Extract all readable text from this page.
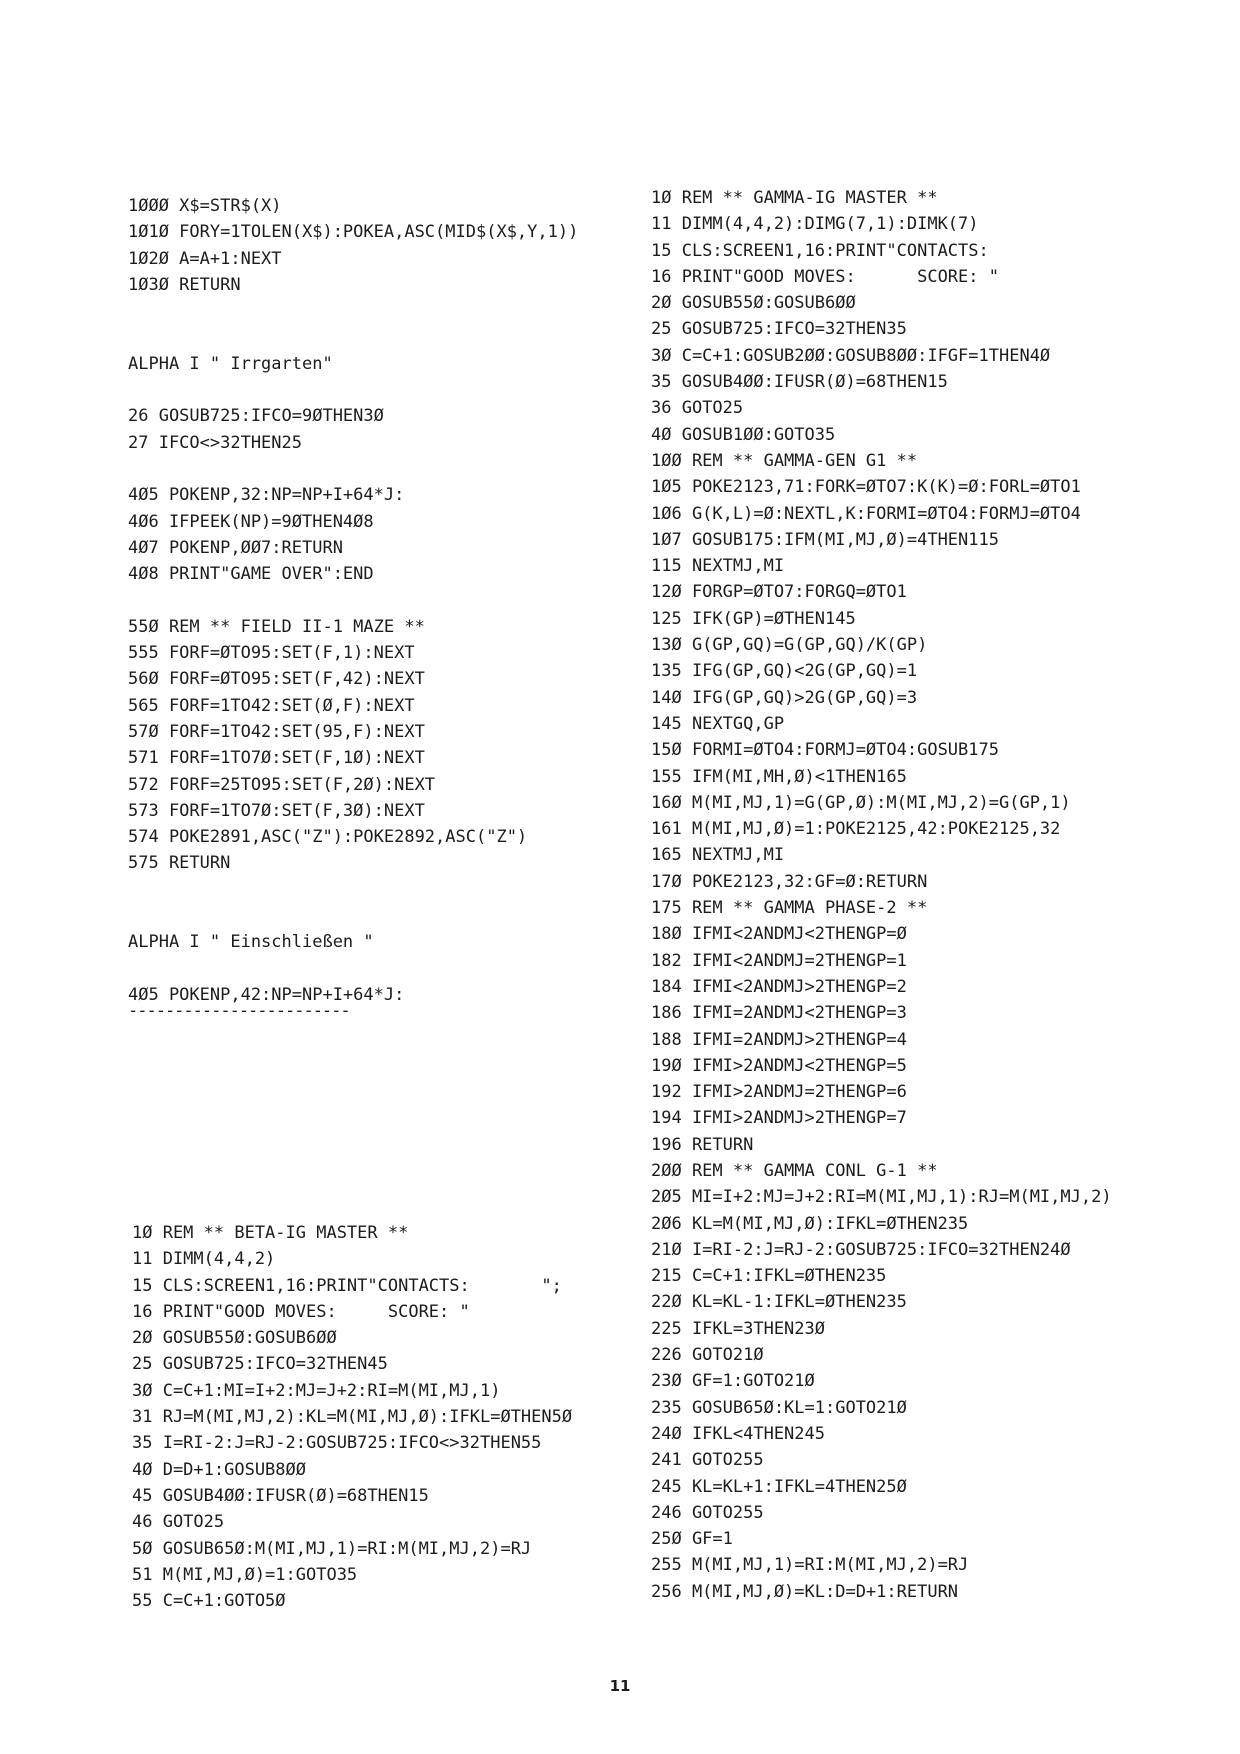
1ØØØ X$=STR$(X)
1Ø1Ø FORY=1TOLEN(X$):POKEA,ASC(MID$(X$,Y,1))
1Ø2Ø A=A+1:NEXT
1Ø3Ø RETURN
ALPHA I " Irrgarten"
26 GOSUB725:IFCO=9ØTHEN3Ø
27 IFCO<>32THEN25
4Ø5 POKENP,32:NP=NP+I+64*J:
4Ø6 IFPEEK(NP)=9ØTHEN4Ø8
4Ø7 POKENP,ØØ7:RETURN
4Ø8 PRINT"GAME OVER":END
55Ø REM ** FIELD II-1 MAZE **
555 FORF=ØTO95:SET(F,1):NEXT
56Ø FORF=ØTO95:SET(F,42):NEXT
565 FORF=1TO42:SET(Ø,F):NEXT
57Ø FORF=1TO42:SET(95,F):NEXT
571 FORF=1TO7Ø:SET(F,1Ø):NEXT
572 FORF=25TO95:SET(F,2Ø):NEXT
573 FORF=1TO7Ø:SET(F,3Ø):NEXT
574 POKE2891,ASC("Z"):POKE2892,ASC("Z")
575 RETURN
ALPHA I " Einschließen "
4Ø5 POKENP,42:NP=NP+I+64*J:
------------------------
1Ø REM ** BETA-IG MASTER **
11 DIMM(4,4,2)
15 CLS:SCREEN1,16:PRINT"CONTACTS:       ";
16 PRINT"GOOD MOVES:     SCORE: "
2Ø GOSUB55Ø:GOSUB6ØØ
25 GOSUB725:IFCO=32THEN45
3Ø C=C+1:MI=I+2:MJ=J+2:RI=M(MI,MJ,1)
31 RJ=M(MI,MJ,2):KL=M(MI,MJ,Ø):IFKL=ØTHEN5Ø
35 I=RI-2:J=RJ-2:GOSUB725:IFCO<>32THEN55
4Ø D=D+1:GOSUB8ØØ
45 GOSUB4ØØ:IFUSR(Ø)=68THEN15
46 GOTO25
5Ø GOSUB65Ø:M(MI,MJ,1)=RI:M(MI,MJ,2)=RJ
51 M(MI,MJ,Ø)=1:GOTO35
55 C=C+1:GOTO5Ø
1Ø REM ** GAMMA-IG MASTER **
11 DIMM(4,4,2):DIMG(7,1):DIMK(7)
15 CLS:SCREEN1,16:PRINT"CONTACTS:
16 PRINT"GOOD MOVES:      SCORE: "
2Ø GOSUB55Ø:GOSUB6ØØ
25 GOSUB725:IFCO=32THEN35
3Ø C=C+1:GOSUB2ØØ:GOSUB8ØØ:IFGF=1THEN4Ø
35 GOSUB4ØØ:IFUSR(Ø)=68THEN15
36 GOTO25
4Ø GOSUB1ØØ:GOTO35
1ØØ REM ** GAMMA-GEN G1 **
1Ø5 POKE2123,71:FORK=ØTO7:K(K)=Ø:FORL=ØTO1
1Ø6 G(K,L)=Ø:NEXTL,K:FORMI=ØTO4:FORMJ=ØTO4
1Ø7 GOSUB175:IFM(MI,MJ,Ø)=4THEN115
115 NEXTMJ,MI
12Ø FORGP=ØTO7:FORGQ=ØTO1
125 IFK(GP)=ØTHEN145
13Ø G(GP,GQ)=G(GP,GQ)/K(GP)
135 IFG(GP,GQ)<2G(GP,GQ)=1
14Ø IFG(GP,GQ)>2G(GP,GQ)=3
145 NEXTGQ,GP
15Ø FORMI=ØTO4:FORMJ=ØTO4:GOSUB175
155 IFM(MI,MH,Ø)<1THEN165
16Ø M(MI,MJ,1)=G(GP,Ø):M(MI,MJ,2)=G(GP,1)
161 M(MI,MJ,Ø)=1:POKE2125,42:POKE2125,32
165 NEXTMJ,MI
17Ø POKE2123,32:GF=Ø:RETURN
175 REM ** GAMMA PHASE-2 **
18Ø IFMI<2ANDMJ<2THENGP=Ø
182 IFMI<2ANDMJ=2THENGP=1
184 IFMI<2ANDMJ>2THENGP=2
186 IFMI=2ANDMJ<2THENGP=3
188 IFMI=2ANDMJ>2THENGP=4
19Ø IFMI>2ANDMJ<2THENGP=5
192 IFMI>2ANDMJ=2THENGP=6
194 IFMI>2ANDMJ>2THENGP=7
196 RETURN
2ØØ REM ** GAMMA CONL G-1 **
2Ø5 MI=I+2:MJ=J+2:RI=M(MI,MJ,1):RJ=M(MI,MJ,2)
2Ø6 KL=M(MI,MJ,Ø):IFKL=ØTHEN235
21Ø I=RI-2:J=RJ-2:GOSUB725:IFCO=32THEN24Ø
215 C=C+1:IFKL=ØTHEN235
22Ø KL=KL-1:IFKL=ØTHEN235
225 IFKL=3THEN23Ø
226 GOTO21Ø
23Ø GF=1:GOTO21Ø
235 GOSUB65Ø:KL=1:GOTO21Ø
24Ø IFKL<4THEN245
241 GOTO255
245 KL=KL+1:IFKL=4THEN25Ø
246 GOTO255
25Ø GF=1
255 M(MI,MJ,1)=RI:M(MI,MJ,2)=RJ
256 M(MI,MJ,Ø)=KL:D=D+1:RETURN
11
